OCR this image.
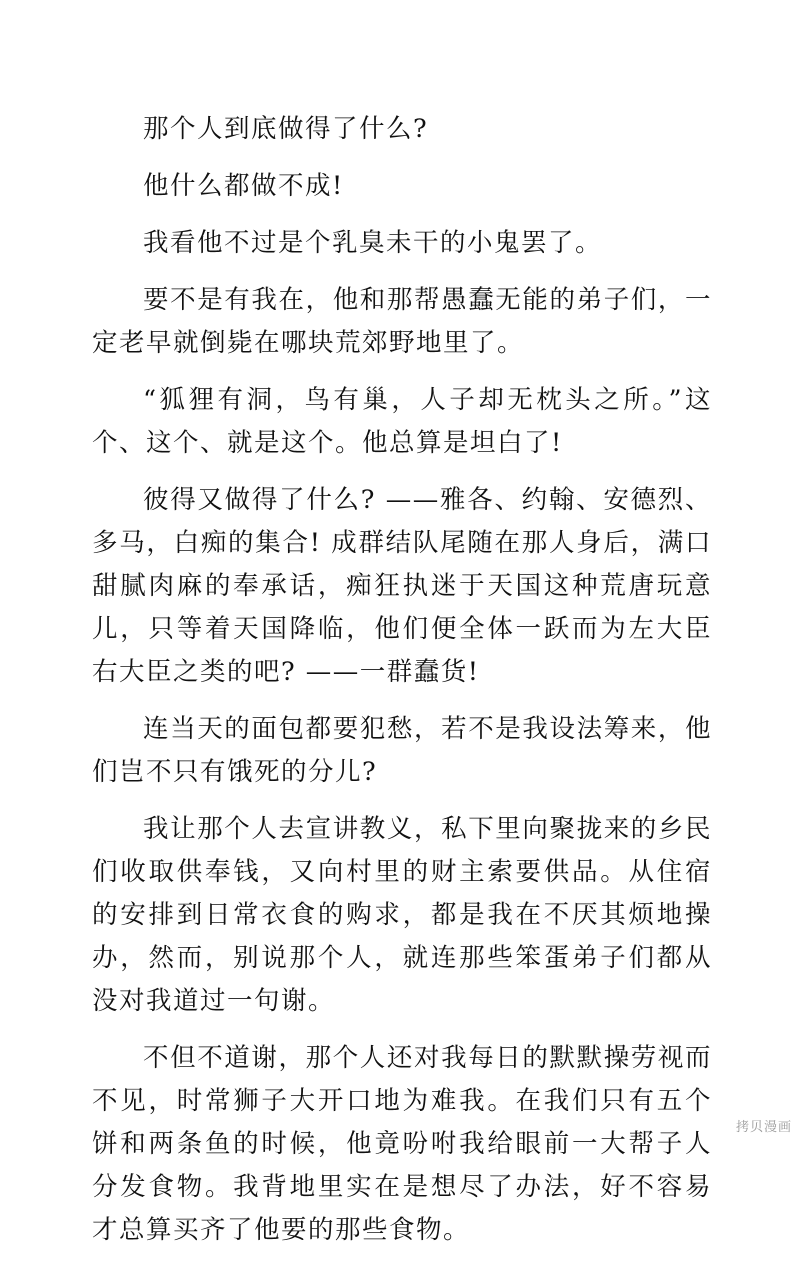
那个人到底做得了什么?

他什么都做不成!

我看他不过是个乳臭未干的小鬼罢了。

要不是有我在，他和那帮愚蠢无能的弟子们，一定老早就倒毙在哪块荒郊野地里了。

“狐狸有洞，鸟有巢，人子却无枕头之所。”这个、这个、就是这个。他总算是坦白了!

彼得又做得了什么? ——雅各、约翰、安德烈、多马，白痴的集合! 成群结队尾随在那人身后，满口甜腻肉麻的奉承话，痴狂执迷于天国这种荒唐玩意儿，只等着天国降临，他们便全体一跃而为左大臣右大臣之类的吧? ——一群蠢货!

连当天的面包都要犯愁，若不是我设法筹来，他们岂不只有饿死的分儿?

我让那个人去宣讲教义，私下里向聚拢来的乡民们收取供奉钱，又向村里的财主索要供品。从住宿的安排到日常衣食的购求，都是我在不厌其烦地操办，然而，别说那个人，就连那些笨蛋弟子们都从没对我道过一句谢。

不但不道谢，那个人还对我每日的默默操劳视而不见，时常狮子大开口地为难我。在我们只有五个饼和两条鱼的时候，他竟吩咐我给眼前一大帮子人分发食物。我背地里实在是想尽了办法，好不容易才总算买齐了他要的那些食物。

拷贝漫画
